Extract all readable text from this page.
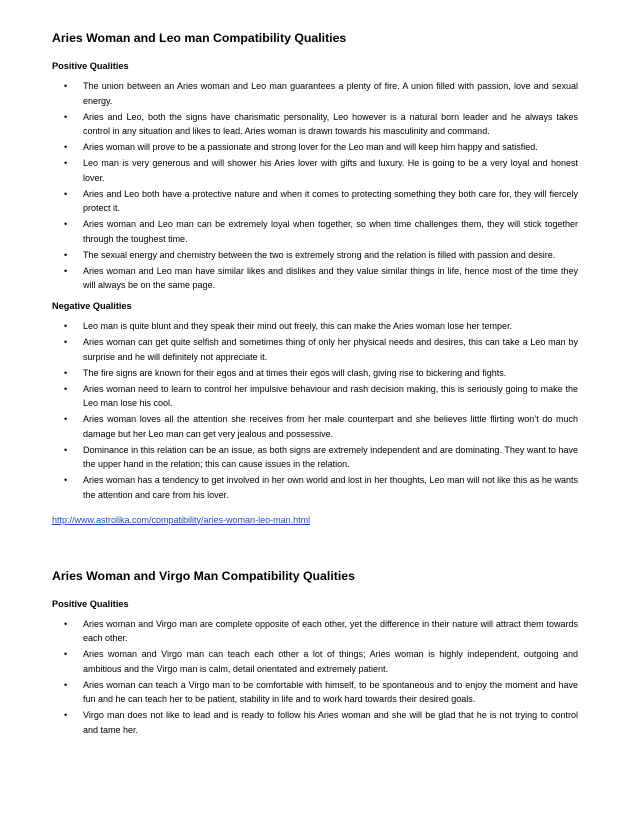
Aries Woman and Leo man Compatibility Qualities
Positive Qualities
• The union between an Aries woman and Leo man guarantees a plenty of fire. A union filled with passion, love and sexual energy.
• Aries and Leo, both the signs have charismatic personality, Leo however is a natural born leader and he always takes control in any situation and likes to lead. Aries woman is drawn towards his masculinity and command.
• Aries woman will prove to be a passionate and strong lover for the Leo man and will keep him happy and satisfied.
• Leo man is very generous and will shower his Aries lover with gifts and luxury. He is going to be a very loyal and honest lover.
• Aries and Leo both have a protective nature and when it comes to protecting something they both care for, they will fiercely protect it.
• Aries woman and Leo man can be extremely loyal when together, so when time challenges them, they will stick together through the toughest time.
• The sexual energy and chemistry between the two is extremely strong and the relation is filled with passion and desire.
• Aries woman and Leo man have similar likes and dislikes and they value similar things in life, hence most of the time they will always be on the same page.
Negative Qualities
• Leo man is quite blunt and they speak their mind out freely, this can make the Aries woman lose her temper.
• Aries woman can get quite selfish and sometimes thing of only her physical needs and desires, this can take a Leo man by surprise and he will definitely not appreciate it.
• The fire signs are known for their egos and at times their egos will clash, giving rise to bickering and fights.
• Aries woman need to learn to control her impulsive behaviour and rash decision making, this is seriously going to make the Leo man lose his cool.
• Aries woman loves all the attention she receives from her male counterpart and she believes little flirting won’t do much damage but her Leo man can get very jealous and possessive.
• Dominance in this relation can be an issue, as both signs are extremely independent and are dominating. They want to have the upper hand in the relation; this can cause issues in the relation.
• Aries woman has a tendency to get involved in her own world and lost in her thoughts, Leo man will not like this as he wants the attention and care from his lover.
http://www.astrolika.com/compatibility/aries-woman-leo-man.html
Aries Woman and Virgo Man Compatibility Qualities
Positive Qualities
• Aries woman and Virgo man are complete opposite of each other, yet the difference in their nature will attract them towards each other.
• Aries woman and Virgo man can teach each other a lot of things; Aries woman is highly independent, outgoing and ambitious and the Virgo man is calm, detail orientated and extremely patient.
• Aries woman can teach a Virgo man to be comfortable with himself, to be spontaneous and to enjoy the moment and have fun and he can teach her to be patient, stability in life and to work hard towards their desired goals.
• Virgo man does not like to lead and is ready to follow his Aries woman and she will be glad that he is not trying to control and tame her.
